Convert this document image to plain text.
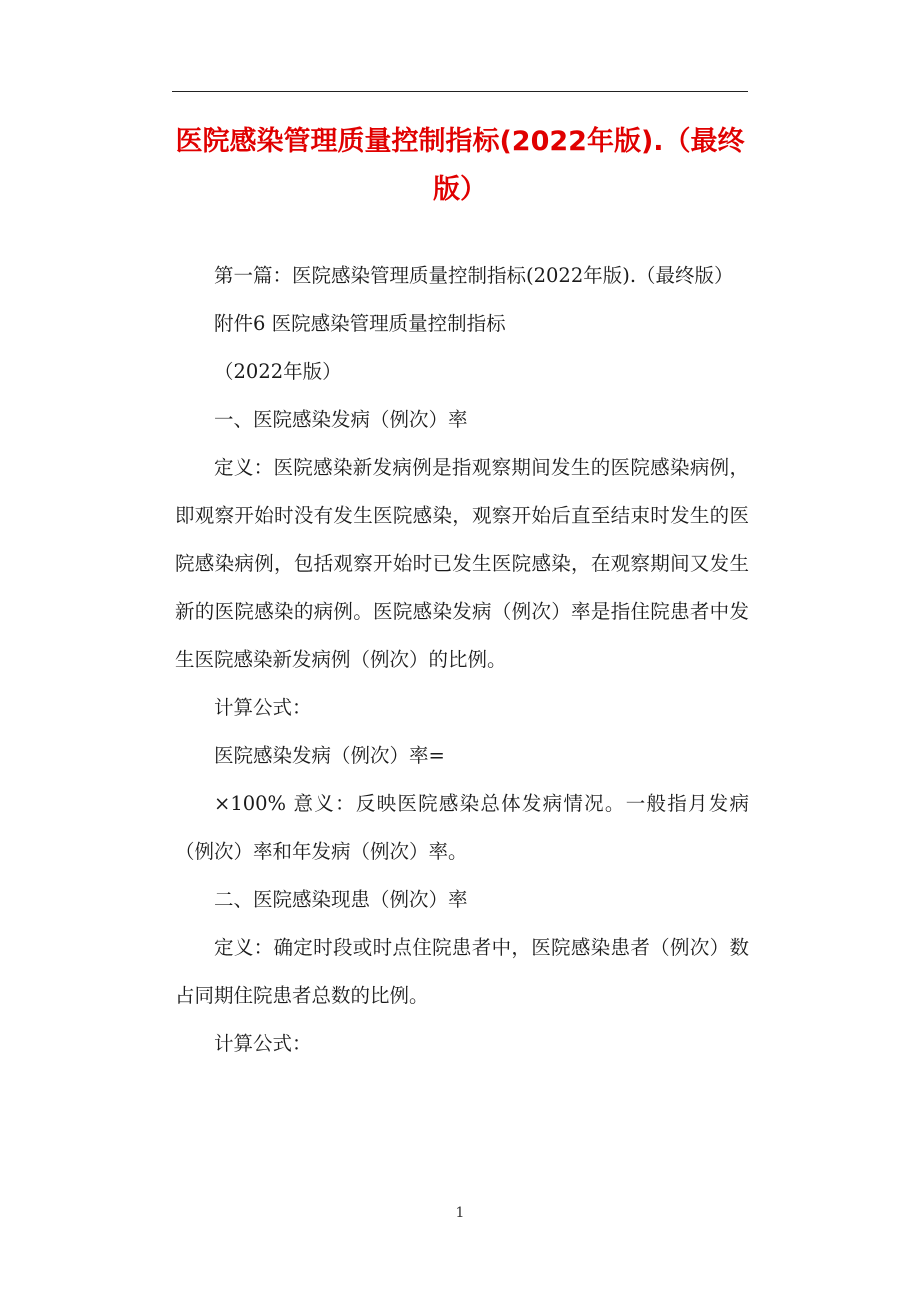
医院感染管理质量控制指标(2022年版).（最终版）

第一篇：医院感染管理质量控制指标(2022年版).（最终版）

附件6 医院感染管理质量控制指标

（2022年版）

一、医院感染发病（例次）率

定义：医院感染新发病例是指观察期间发生的医院感染病例，即观察开始时没有发生医院感染，观察开始后直至结束时发生的医院感染病例，包括观察开始时已发生医院感染，在观察期间又发生新的医院感染的病例。医院感染发病（例次）率是指住院患者中发生医院感染新发病例（例次）的比例。

计算公式：

医院感染发病（例次）率=

×100% 意义：反映医院感染总体发病情况。一般指月发病（例次）率和年发病（例次）率。

二、医院感染现患（例次）率

定义：确定时段或时点住院患者中，医院感染患者（例次）数占同期住院患者总数的比例。

计算公式：

1
